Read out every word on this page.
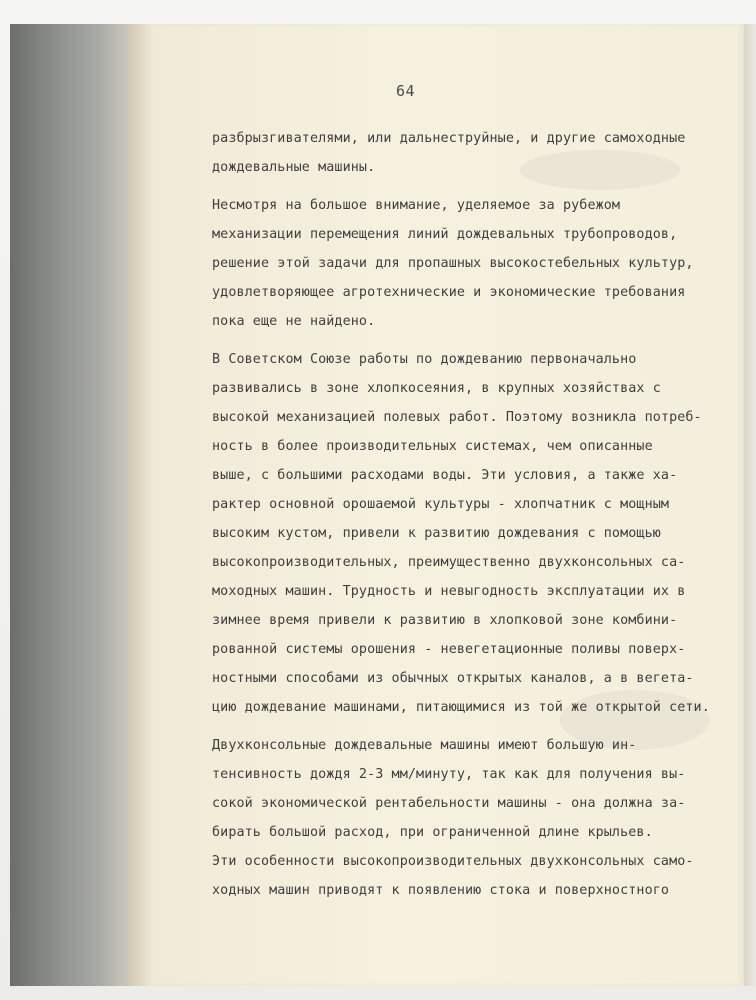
64
разбрызгивателями, или дальнеструйные, и другие самоходные
дождевальные машины.
Несмотря на большое внимание, уделяемое за рубежом
механизации перемещения линий дождевальных трубопроводов,
решение этой задачи для пропашных высокостебельных культур,
удовлетворяющее агротехнические и экономические требования
пока еще не найдено.
В Советском Союзе работы по дождеванию первоначально
развивались в зоне хлопкосеяния, в крупных хозяйствах с
высокой механизацией полевых работ. Поэтому возникла потреб-
ность в более производительных системах, чем описанные
выше, с большими расходами воды. Эти условия, а также ха-
рактер основной орошаемой культуры - хлопчатник с мощным
высоким кустом, привели к развитию дождевания с помощью
высокопроизводительных, преимущественно двухконсольных са-
моходных машин. Трудность и невыгодность эксплуатации их в
зимнее время привели к развитию в хлопковой зоне комбини-
рованной системы орошения - невегетационные поливы поверх-
ностными способами из обычных открытых каналов, а в вегета-
цию дождевание машинами, питающимися из той же открытой сети.
Двухконсольные дождевальные машины имеют большую ин-
тенсивность дождя 2-3 мм/минуту, так как для получения вы-
сокой экономической рентабельности машины - она должна за-
бирать большой расход, при ограниченной длине крыльев.
Эти особенности высокопроизводительных двухконсольных само-
ходных машин приводят к появлению стока и поверхностного
